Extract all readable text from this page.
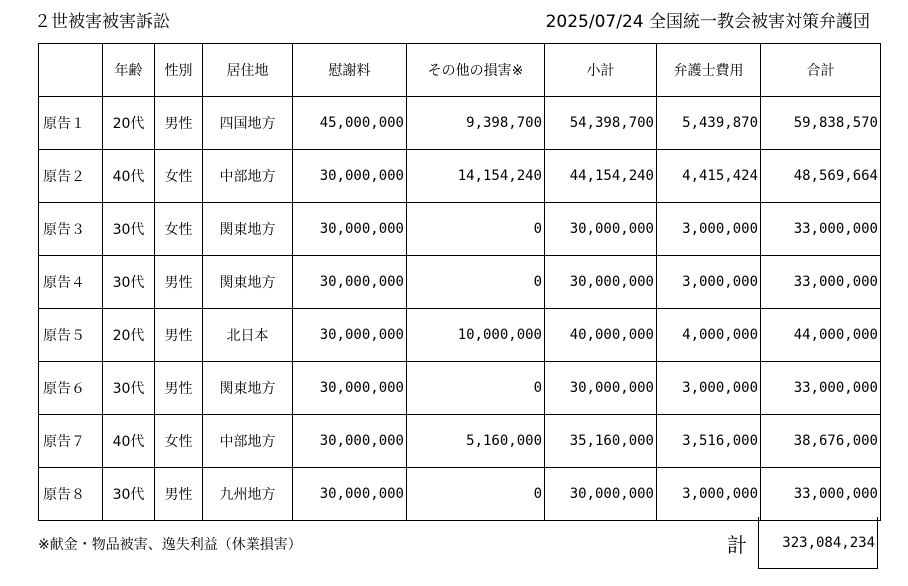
２世被害被害訴訟	2025/07/24 全国統一教会被害対策弁護団
	年齢	性別	居住地	慰謝料	その他の損害※	小計	弁護士費用	合計
原告１	20代	男性	四国地方	45,000,000	9,398,700	54,398,700	5,439,870	59,838,570
原告２	40代	女性	中部地方	30,000,000	14,154,240	44,154,240	4,415,424	48,569,664
原告３	30代	女性	関東地方	30,000,000	0	30,000,000	3,000,000	33,000,000
原告４	30代	男性	関東地方	30,000,000	0	30,000,000	3,000,000	33,000,000
原告５	20代	男性	北日本	30,000,000	10,000,000	40,000,000	4,000,000	44,000,000
原告６	30代	男性	関東地方	30,000,000	0	30,000,000	3,000,000	33,000,000
原告７	40代	女性	中部地方	30,000,000	5,160,000	35,160,000	3,516,000	38,676,000
原告８	30代	男性	九州地方	30,000,000	0	30,000,000	3,000,000	33,000,000
※献金・物品被害、逸失利益（休業損害）	計	323,084,234
